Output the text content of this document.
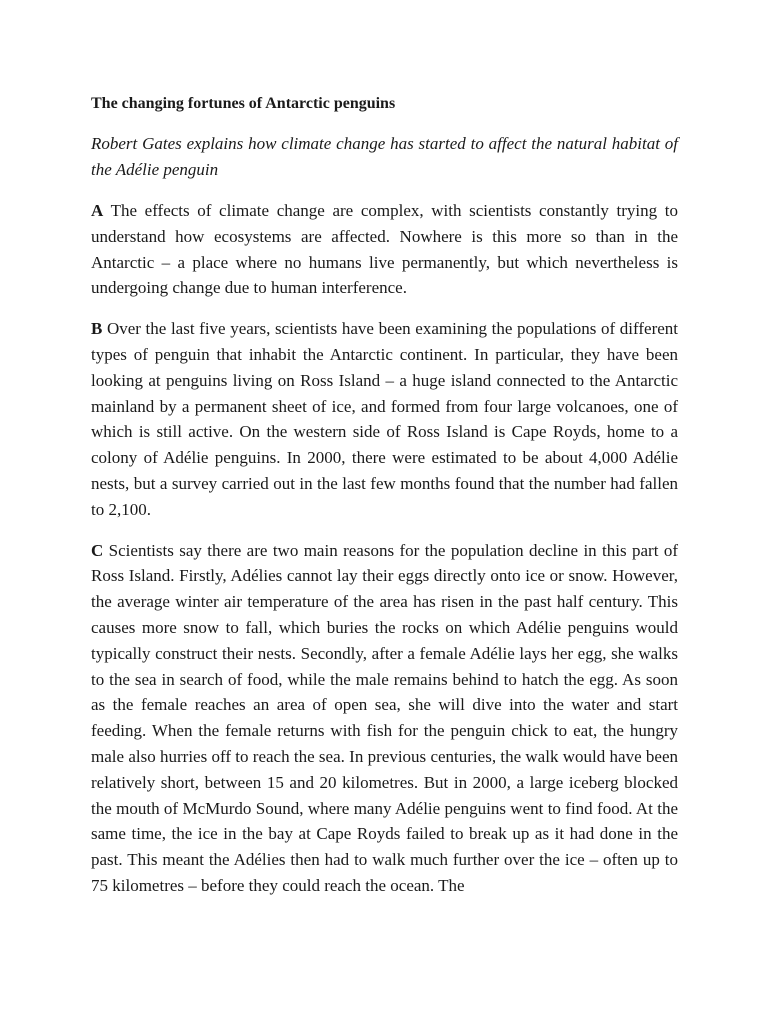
The changing fortunes of Antarctic penguins
Robert Gates explains how climate change has started to affect the natural habitat of the Adélie penguin

A The effects of climate change are complex, with scientists constantly trying to understand how ecosystems are affected. Nowhere is this more so than in the Antarctic – a place where no humans live permanently, but which nevertheless is undergoing change due to human interference.

B Over the last five years, scientists have been examining the populations of different types of penguin that inhabit the Antarctic continent. In particular, they have been looking at penguins living on Ross Island – a huge island connected to the Antarctic mainland by a permanent sheet of ice, and formed from four large volcanoes, one of which is still active. On the western side of Ross Island is Cape Royds, home to a colony of Adélie penguins. In 2000, there were estimated to be about 4,000 Adélie nests, but a survey carried out in the last few months found that the number had fallen to 2,100.

C Scientists say there are two main reasons for the population decline in this part of Ross Island. Firstly, Adélies cannot lay their eggs directly onto ice or snow. However, the average winter air temperature of the area has risen in the past half century. This causes more snow to fall, which buries the rocks on which Adélie penguins would typically construct their nests. Secondly, after a female Adélie lays her egg, she walks to the sea in search of food, while the male remains behind to hatch the egg. As soon as the female reaches an area of open sea, she will dive into the water and start feeding. When the female returns with fish for the penguin chick to eat, the hungry male also hurries off to reach the sea. In previous centuries, the walk would have been relatively short, between 15 and 20 kilometres. But in 2000, a large iceberg blocked the mouth of McMurdo Sound, where many Adélie penguins went to find food. At the same time, the ice in the bay at Cape Royds failed to break up as it had done in the past. This meant the Adélies then had to walk much further over the ice – often up to 75 kilometres – before they could reach the ocean. The
